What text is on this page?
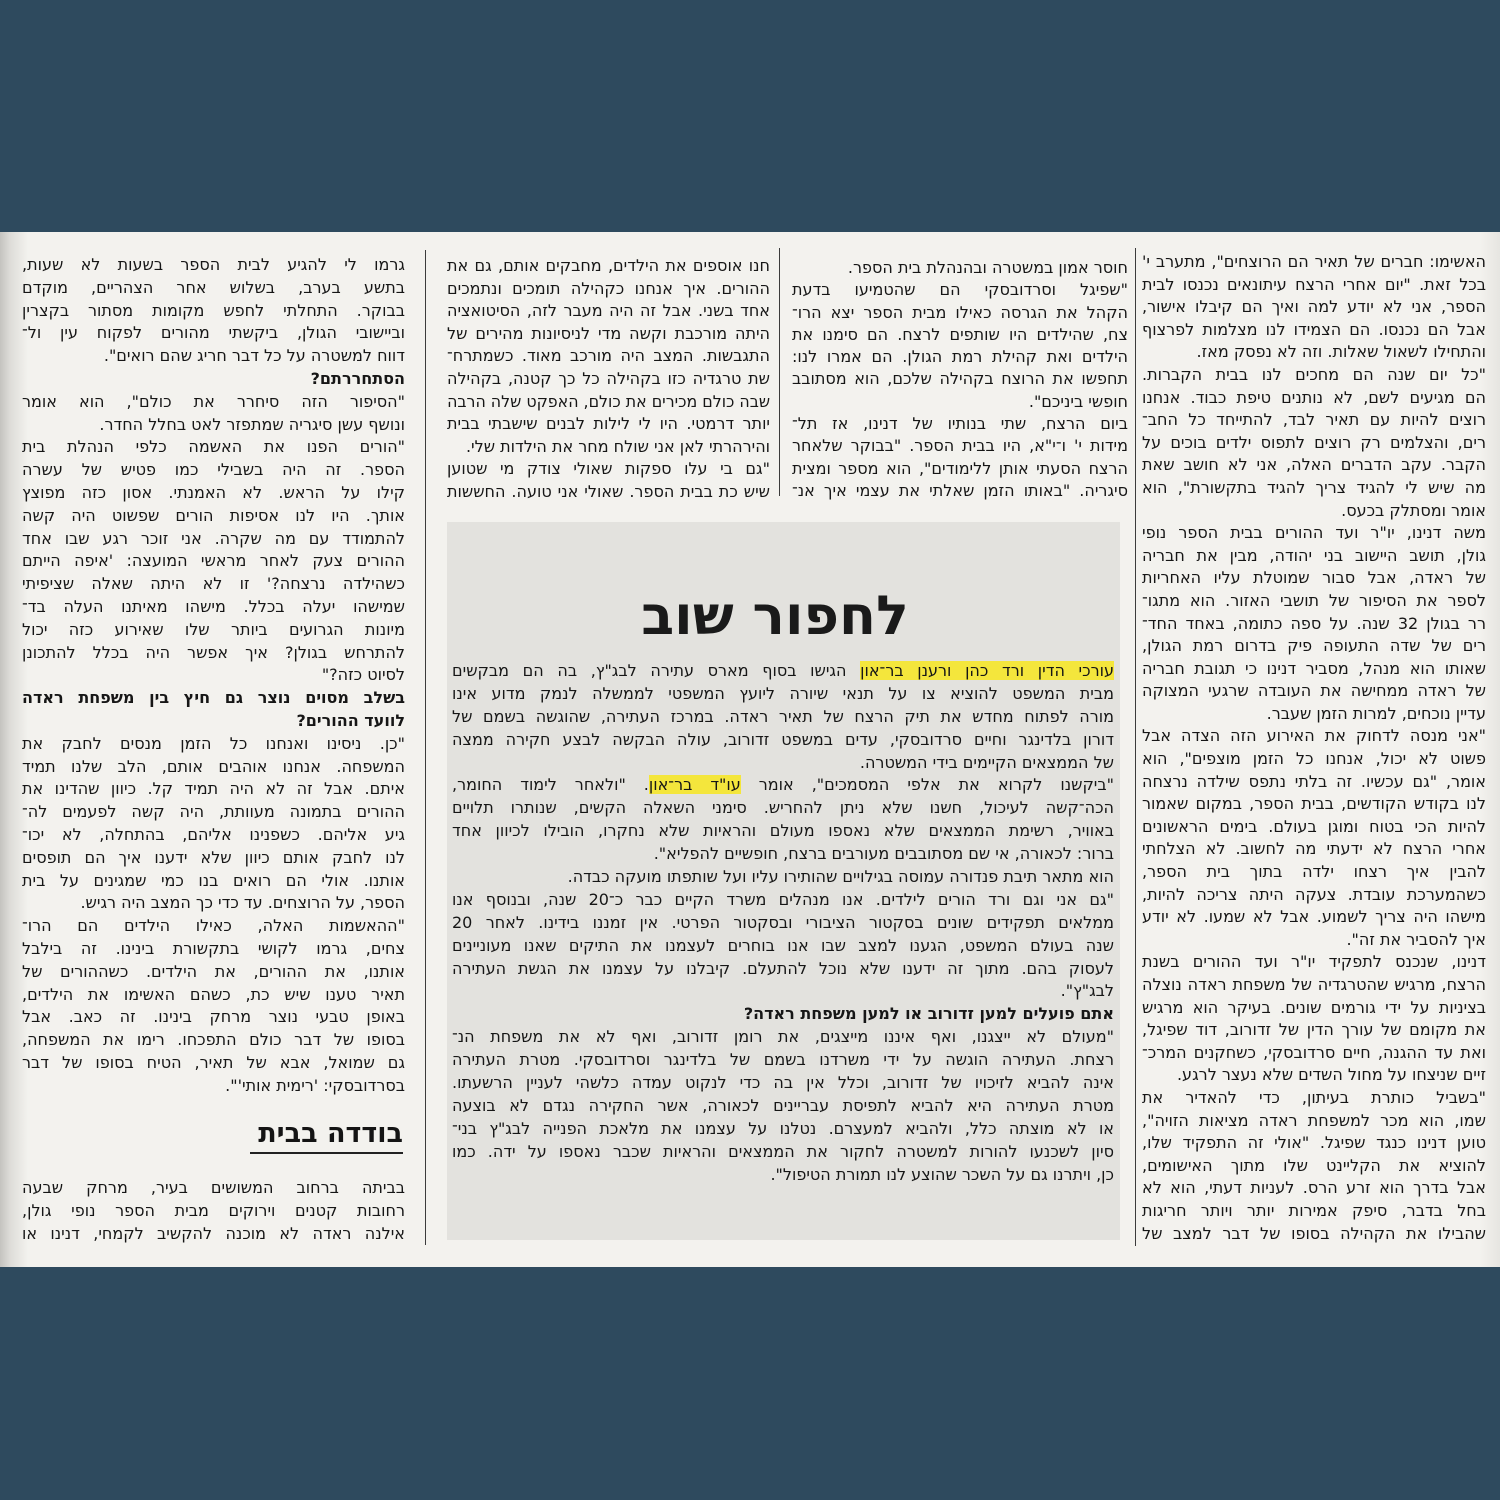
לחפור שוב
האשימו: חברים של תאיר הם הרוצחים", מתערב י'
בכל זאת. "יום אחרי הרצח עיתונאים נכנסו לבית
הספר, אני לא יודע למה ואיך הם קיבלו אישור,
אבל הם נכנסו. הם הצמידו לנו מצלמות לפרצוף
והתחילו לשאול שאלות. וזה לא נפסק מאז.
"כל יום שנה הם מחכים לנו בבית הקברות.
הם מגיעים לשם, לא נותנים טיפת כבוד. אנחנו
רוצים להיות עם תאיר לבד, להתייחד כל החב־
רים, והצלמים רק רוצים לתפוס ילדים בוכים על
הקבר. עקב הדברים האלה, אני לא חושב שאת
מה שיש לי להגיד צריך להגיד בתקשורת", הוא
אומר ומסתלק בכעס.
משה דנינו, יו"ר ועד ההורים בבית הספר נופי
גולן, תושב היישוב בני יהודה, מבין את חבריה
של ראדה, אבל סבור שמוטלת עליו האחריות
לספר את הסיפור של תושבי האזור. הוא מתגו־
רר בגולן 32 שנה. על ספה כתומה, באחד החד־
רים של שדה התעופה פיק בדרום רמת הגולן,
שאותו הוא מנהל, מסביר דנינו כי תגובת חבריה
של ראדה ממחישה את העובדה שרגעי המצוקה
עדיין נוכחים, למרות הזמן שעבר.
"אני מנסה לדחוק את האירוע הזה הצדה אבל
פשוט לא יכול, אנחנו כל הזמן מוצפים", הוא
אומר, "גם עכשיו. זה בלתי נתפס שילדה נרצחה
לנו בקודש הקודשים, בבית הספר, במקום שאמור
להיות הכי בטוח ומוגן בעולם. בימים הראשונים
אחרי הרצח לא ידעתי מה לחשוב. לא הצלחתי
להבין איך רצחו ילדה בתוך בית הספר,
כשהמערכת עובדת. צעקה היתה צריכה להיות,
מישהו היה צריך לשמוע. אבל לא שמעו. לא יודע
איך להסביר את זה".
דנינו, שנכנס לתפקיד יו"ר ועד ההורים בשנת
הרצח, מרגיש שהטרגדיה של משפחת ראדה נוצלה
בציניות על ידי גורמים שונים. בעיקר הוא מרגיש
את מקומם של עורך הדין של זדורוב, דוד שפיגל,
ואת עד ההגנה, חיים סרדובסקי, כשחקנים המרכ־
זיים שניצחו על מחול השדים שלא נעצר לרגע.
"בשביל כותרת בעיתון, כדי להאדיר את
שמו, הוא מכר למשפחת ראדה מציאות הזויה",
טוען דנינו כנגד שפיגל. "אולי זה התפקיד שלו,
להוציא את הקליינט שלו מתוך האישומים,
אבל בדרך הוא זרע הרס. לעניות דעתי, הוא לא
בחל בדבר, סיפק אמירות יותר ויותר חריגות
שהבילו את הקהילה בסופו של דבר למצב של
חוסר אמון במשטרה ובהנהלת בית הספר.
"שפיגל וסרדובסקי הם שהטמיעו בדעת
הקהל את הגרסה כאילו מבית הספר יצא הרו־
צח, שהילדים היו שותפים לרצח. הם סימנו את
הילדים ואת קהילת רמת הגולן. הם אמרו לנו:
תחפשו את הרוצח בקהילה שלכם, הוא מסתובב
חופשי ביניכם".
ביום הרצח, שתי בנותיו של דנינו, אז תל־
מידות י' ו־י"א, היו בבית הספר. "בבוקר שלאחר
הרצח הסעתי אותן ללימודים", הוא מספר ומצית
סיגריה. "באותו הזמן שאלתי את עצמי איך אנ־
חנו אוספים את הילדים, מחבקים אותם, גם את
ההורים. איך אנחנו כקהילה תומכים ונתמכים
אחד בשני. אבל זה היה מעבר לזה, הסיטואציה
היתה מורכבת וקשה מדי לניסיונות מהירים של
התגבשות. המצב היה מורכב מאוד. כשמתרח־
שת טרגדיה כזו בקהילה כל כך קטנה, בקהילה
שבה כולם מכירים את כולם, האפקט שלה הרבה
יותר דרמטי. היו לי לילות לבנים שישבתי בבית
והירהרתי לאן אני שולח מחר את הילדות שלי.
"גם בי עלו ספקות שאולי צודק מי שטוען
שיש כת בבית הספר. שאולי אני טועה. החששות
גרמו לי להגיע לבית הספר בשעות לא שעות,
בתשע בערב, בשלוש אחר הצהריים, מוקדם
בבוקר. התחלתי לחפש מקומות מסתור בקצרין
וביישובי הגולן, ביקשתי מהורים לפקוח עין ול־
דווח למשטרה על כל דבר חריג שהם רואים".
הסתחררתם?
"הסיפור הזה סיחרר את כולם", הוא אומר
ונושף עשן סיגריה שמתפזר לאט בחלל החדר.
"הורים הפנו את האשמה כלפי הנהלת בית
הספר. זה היה בשבילי כמו פטיש של עשרה
קילו על הראש. לא האמנתי. אסון כזה מפוצץ
אותך. היו לנו אסיפות הורים שפשוט היה קשה
להתמודד עם מה שקרה. אני זוכר רגע שבו אחד
ההורים צעק לאחר מראשי המועצה: 'איפה הייתם
כשהילדה נרצחה?' זו לא היתה שאלה שציפיתי
שמישהו יעלה בכלל. מישהו מאיתנו העלה בד־
מיונות הגרועים ביותר שלו שאירוע כזה יכול
להתרחש בגולן? איך אפשר היה בכלל להתכונן
לסיוט כזה?"
בשלב מסוים נוצר גם חיץ בין משפחת ראדה
לוועד ההורים?
"כן. ניסינו ואנחנו כל הזמן מנסים לחבק את
המשפחה. אנחנו אוהבים אותם, הלב שלנו תמיד
איתם. אבל זה לא היה תמיד קל. כיוון שהדינו את
ההורים בתמונה מעוותת, היה קשה לפעמים לה־
גיע אליהם. כשפנינו אליהם, בהתחלה, לא יכו־
לנו לחבק אותם כיוון שלא ידענו איך הם תופסים
אותנו. אולי הם רואים בנו כמי שמגינים על בית
הספר, על הרוצחים. עד כדי כך המצב היה רגיש.
"ההאשמות האלה, כאילו הילדים הם הרו־
צחים, גרמו לקושי בתקשורת בינינו. זה בילבל
אותנו, את ההורים, את הילדים. כשההורים של
תאיר טענו שיש כת, כשהם האשימו את הילדים,
באופן טבעי נוצר מרחק בינינו. זה כאב. אבל
בסופו של דבר כולם התפכחו. רימו את המשפחה,
גם שמואל, אבא של תאיר, הטיח בסופו של דבר
בסרדובסקי: 'רימית אותי'".
בודדה בבית
בביתה ברחוב המשושים בעיר, מרחק שבעה
רחובות קטנים וירוקים מבית הספר נופי גולן,
אילנה ראדה לא מוכנה להקשיב לקמחי, דנינו או
עורכי הדין ורד כהן ורענן בר־און הגישו בסוף מארס עתירה לבג"ץ, בה הם מבקשים
מבית המשפט להוציא צו על תנאי שיורה ליועץ המשפטי לממשלה לנמק מדוע אינו
מורה לפתוח מחדש את תיק הרצח של תאיר ראדה. במרכז העתירה, שהוגשה בשמם של
דורון בלדינגר וחיים סרדובסקי, עדים במשפט זדורוב, עולה הבקשה לבצע חקירה ממצה
של הממצאים הקיימים בידי המשטרה.
"ביקשנו לקרוא את אלפי המסמכים", אומר עו"ד בר־און. "ולאחר לימוד החומר,
הכה־קשה לעיכול, חשנו שלא ניתן להחריש. סימני השאלה הקשים, שנותרו תלויים
באוויר, רשימת הממצאים שלא נאספו מעולם והראיות שלא נחקרו, הובילו לכיוון אחד
ברור: לכאורה, אי שם מסתובבים מעורבים ברצח, חופשיים להפליא".
הוא מתאר תיבת פנדורה עמוסה בגילויים שהותירו עליו ועל שותפתו מועקה כבדה.
"גם אני וגם ורד הורים לילדים. אנו מנהלים משרד הקיים כבר כ־20 שנה, ובנוסף אנו
ממלאים תפקידים שונים בסקטור הציבורי ובסקטור הפרטי. אין זמננו בידינו. לאחר 20
שנה בעולם המשפט, הגענו למצב שבו אנו בוחרים לעצמנו את התיקים שאנו מעוניינים
לעסוק בהם. מתוך זה ידענו שלא נוכל להתעלם. קיבלנו על עצמנו את הגשת העתירה
לבג"ץ".
אתם פועלים למען זדורוב או למען משפחת ראדה?
"מעולם לא ייצגנו, ואף איננו מייצגים, את רומן זדורוב, ואף לא את משפחת הנ־
רצחת. העתירה הוגשה על ידי משרדנו בשמם של בלדינגר וסרדובסקי. מטרת העתירה
אינה להביא לזיכויו של זדורוב, וכלל אין בה כדי לנקוט עמדה כלשהי לעניין הרשעתו.
מטרת העתירה היא להביא לתפיסת עבריינים לכאורה, אשר החקירה נגדם לא בוצעה
או לא מוצתה כלל, ולהביא למעצרם. נטלנו על עצמנו את מלאכת הפנייה לבג"ץ בני־
סיון לשכנעו להורות למשטרה לחקור את הממצאים והראיות שכבר נאספו על ידה. כמו
כן, ויתרנו גם על השכר שהוצע לנו תמורת הטיפול".
